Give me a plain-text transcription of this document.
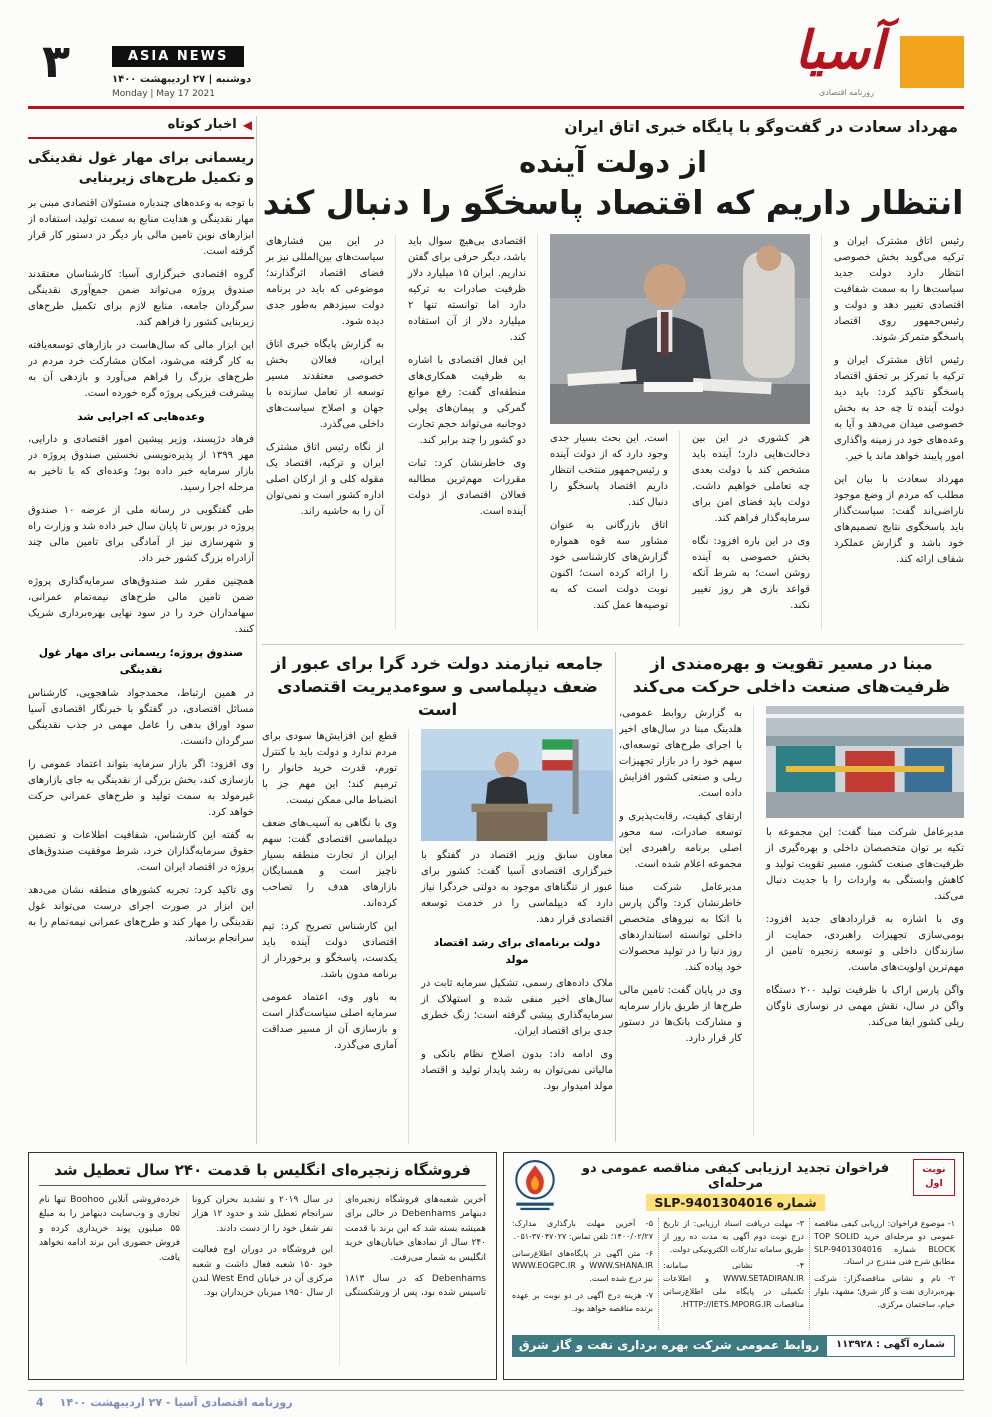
۳	ASIA NEWS
دوشنبه | ۲۷ اردیبهشت ۱۴۰۰
Monday | May 17 2021
آسیا
روزنامه اقتصادی
◀
اخبار کوتاه
ریسمانی برای مهار غول نقدینگی و تکمیل طرح‌های زیربنایی
با توجه به وعده‌های چندباره مسئولان اقتصادی مبنی بر مهار نقدینگی و هدایت منابع به سمت تولید، استفاده از ابزارهای نوین تامین مالی بار دیگر در دستور کار قرار گرفته است.
گروه اقتصادی خبرگزاری آسیا: کارشناسان معتقدند صندوق پروژه می‌تواند ضمن جمع‌آوری نقدینگی سرگردان جامعه، منابع لازم برای تکمیل طرح‌های زیربنایی کشور را فراهم کند.
این ابزار مالی که سال‌هاست در بازارهای توسعه‌یافته به کار گرفته می‌شود، امکان مشارکت خرد مردم در طرح‌های بزرگ را فراهم می‌آورد و بازدهی آن به پیشرفت فیزیکی پروژه گره خورده است.
وعده‌هایی که اجرایی شد
فرهاد دژپسند، وزیر پیشین امور اقتصادی و دارایی، مهر ۱۳۹۹ از پذیره‌نویسی نخستین صندوق پروژه در بازار سرمایه خبر داده بود؛ وعده‌ای که با تاخیر به مرحله اجرا رسید.
طی گفتگویی در رسانه ملی از عرضه ۱۰ صندوق پروژه در بورس تا پایان سال خبر داده شد و وزارت راه و شهرسازی نیز از آمادگی برای تامین مالی چند آزادراه بزرگ کشور خبر داد.
همچنین مقرر شد صندوق‌های سرمایه‌گذاری پروژه ضمن تامین مالی طرح‌های نیمه‌تمام عمرانی، سهامداران خرد را در سود نهایی بهره‌برداری شریک کنند.
صندوق پروژه؛ ریسمانی برای مهار غول نقدینگی
در همین ارتباط، محمدجواد شاهجویی، کارشناس مسائل اقتصادی، در گفتگو با خبرنگار اقتصادی آسیا سود اوراق بدهی را عامل مهمی در جذب نقدینگی سرگردان دانست.
وی افزود: اگر بازار سرمایه بتواند اعتماد عمومی را بازسازی کند، بخش بزرگی از نقدینگی به جای بازارهای غیرمولد به سمت تولید و طرح‌های عمرانی حرکت خواهد کرد.
به گفته این کارشناس، شفافیت اطلاعات و تضمین حقوق سرمایه‌گذاران خرد، شرط موفقیت صندوق‌های پروژه در اقتصاد ایران است.
وی تاکید کرد: تجربه کشورهای منطقه نشان می‌دهد این ابزار در صورت اجرای درست می‌تواند غول نقدینگی را مهار کند و طرح‌های عمرانی نیمه‌تمام را به سرانجام برساند.
مهرداد سعادت در گفت‌وگو با پایگاه خبری اتاق ایران
از دولت آینده
انتظار داریم که اقتصاد پاسخگو را دنبال کند

رئیس اتاق مشترک ایران و ترکیه می‌گوید بخش خصوصی انتظار دارد دولت جدید سیاست‌ها را به سمت شفافیت اقتصادی تغییر دهد و دولت و رئیس‌جمهور روی اقتصاد پاسخگو متمرکز شوند.

رئیس اتاق مشترک ایران و ترکیه با تمرکز بر تحقق اقتصاد پاسخگو تاکید کرد: باید دید دولت آینده تا چه حد به بخش خصوصی میدان می‌دهد و آیا به وعده‌های خود در زمینه واگذاری امور پایبند خواهد ماند یا خیر.

مهرداد سعادت با بیان این مطلب که مردم از وضع موجود ناراضی‌اند گفت: سیاست‌گذار باید پاسخگوی نتایج تصمیم‌های خود باشد و گزارش عملکرد شفاف ارائه کند.

هر کشوری در این بین دخالت‌هایی دارد؛ آینده باید مشخص کند با دولت بعدی چه تعاملی خواهیم داشت. دولت باید فضای امن برای سرمایه‌گذار فراهم کند.

وی در این باره افزود: نگاه بخش خصوصی به آینده روشن است؛ به شرط آنکه قواعد بازی هر روز تغییر نکند.

است. این بحث بسیار جدی وجود دارد که از دولت آینده و رئیس‌جمهور منتخب انتظار داریم اقتصاد پاسخگو را دنبال کند.

اتاق بازرگانی به عنوان مشاور سه قوه همواره گزارش‌های کارشناسی خود را ارائه کرده است؛ اکنون نوبت دولت است که به توصیه‌ها عمل کند.

اقتصادی بی‌هیچ سوال باید باشد، دیگر حرفی برای گفتن نداریم. ایران ۱۵ میلیارد دلار ظرفیت صادرات به ترکیه دارد اما توانسته تنها ۲ میلیارد دلار از آن استفاده کند.

این فعال اقتصادی با اشاره به ظرفیت همکاری‌های منطقه‌ای گفت: رفع موانع گمرکی و پیمان‌های پولی دوجانبه می‌تواند حجم تجارت دو کشور را چند برابر کند.

وی خاطرنشان کرد: ثبات مقررات مهم‌ترین مطالبه فعالان اقتصادی از دولت آینده است.

در این بین فشارهای سیاست‌های بین‌المللی نیز بر فضای اقتصاد اثرگذارند؛ موضوعی که باید در برنامه دولت سیزدهم به‌طور جدی دیده شود.

به گزارش پایگاه خبری اتاق ایران، فعالان بخش خصوصی معتقدند مسیر توسعه از تعامل سازنده با جهان و اصلاح سیاست‌های داخلی می‌گذرد.

از نگاه رئیس اتاق مشترک ایران و ترکیه، اقتصاد یک مقوله کلی و از ارکان اصلی اداره کشور است و نمی‌توان آن را به حاشیه راند.

مبنا در مسیر تقویت و بهره‌مندی از
ظرفیت‌های صنعت داخلی حرکت می‌کند
مدیرعامل شرکت مبنا گفت: این مجموعه با تکیه بر توان متخصصان داخلی و بهره‌گیری از ظرفیت‌های صنعت کشور، مسیر تقویت تولید و کاهش وابستگی به واردات را با جدیت دنبال می‌کند.
وی با اشاره به قراردادهای جدید افزود: بومی‌سازی تجهیزات راهبردی، حمایت از سازندگان داخلی و توسعه زنجیره تامین از مهم‌ترین اولویت‌های ماست.
واگن پارس اراک با ظرفیت تولید ۲۰۰ دستگاه واگن در سال، نقش مهمی در نوسازی ناوگان ریلی کشور ایفا می‌کند.
به گزارش روابط عمومی، هلدینگ مبنا در سال‌های اخیر با اجرای طرح‌های توسعه‌ای، سهم خود را در بازار تجهیزات ریلی و صنعتی کشور افزایش داده است.
ارتقای کیفیت، رقابت‌پذیری و توسعه صادرات، سه محور اصلی برنامه راهبردی این مجموعه اعلام شده است.
مدیرعامل شرکت مبنا خاطرنشان کرد: واگن پارس با اتکا به نیروهای متخصص داخلی توانسته استانداردهای روز دنیا را در تولید محصولات خود پیاده کند.
وی در پایان گفت: تامین مالی طرح‌ها از طریق بازار سرمایه و مشارکت بانک‌ها در دستور کار قرار دارد.
جامعه نیازمند دولت خرد گرا برای عبور از
ضعف دیپلماسی و سوءمدیریت اقتصادی است
معاون سابق وزیر اقتصاد در گفتگو با خبرگزاری اقتصادی آسیا گفت: کشور برای عبور از تنگناهای موجود به دولتی خردگرا نیاز دارد که دیپلماسی را در خدمت توسعه اقتصادی قرار دهد.
دولت برنامه‌ای برای رشد اقتصاد مولد
ملاک داده‌های رسمی، تشکیل سرمایه ثابت در سال‌های اخیر منفی شده و استهلاک از سرمایه‌گذاری پیشی گرفته است؛ زنگ خطری جدی برای اقتصاد ایران.
وی ادامه داد: بدون اصلاح نظام بانکی و مالیاتی نمی‌توان به رشد پایدار تولید و اقتصاد مولد امیدوار بود.
قطع این افزایش‌ها سودی برای مردم ندارد و دولت باید با کنترل تورم، قدرت خرید خانوار را ترمیم کند؛ این مهم جز با انضباط مالی ممکن نیست.
وی با نگاهی به آسیب‌های ضعف دیپلماسی اقتصادی گفت: سهم ایران از تجارت منطقه بسیار ناچیز است و همسایگان بازارهای هدف را تصاحب کرده‌اند.
این کارشناس تصریح کرد: تیم اقتصادی دولت آینده باید یکدست، پاسخگو و برخوردار از برنامه مدون باشد.
به باور وی، اعتماد عمومی سرمایه اصلی سیاست‌گذار است و بازسازی آن از مسیر صداقت آماری می‌گذرد.
فروشگاه زنجیره‌ای انگلیس با قدمت ۲۴۰ سال تعطیل شد

آخرین شعبه‌های فروشگاه زنجیره‌ای دبنهامز Debenhams در حالی برای همیشه بسته شد که این برند با قدمت ۲۴۰ سال از نمادهای خیابان‌های خرید انگلیس به شمار می‌رفت.

Debenhams که در سال ۱۸۱۳ تاسیس شده بود، پس از ورشکستگی در سال ۲۰۱۹ و تشدید بحران کرونا سرانجام تعطیل شد و حدود ۱۲ هزار نفر شغل خود را از دست دادند.

این فروشگاه در دوران اوج فعالیت خود ۱۵۰ شعبه فعال داشت و شعبه مرکزی آن در خیابان West End لندن از سال ۱۹۵۰ میزبان خریداران بود.

خرده‌فروشی آنلاین Boohoo تنها نام تجاری و وب‌سایت دبنهامز را به مبلغ ۵۵ میلیون پوند خریداری کرده و فروش حضوری این برند ادامه نخواهد یافت.

نوبت اول
فراخوان تجدید ارزیابی کیفی مناقصه عمومی دو مرحله‌ای
شماره SLP-9401304016
۱- موضوع فراخوان: ارزیابی کیفی مناقصه عمومی دو مرحله‌ای خرید TOP SOLID BLOCK شماره SLP-9401304016 مطابق شرح فنی مندرج در اسناد.
۲- نام و نشانی مناقصه‌گزار: شرکت بهره‌برداری نفت و گاز شرق؛ مشهد، بلوار خیام، ساختمان مرکزی.
۳- مهلت دریافت اسناد ارزیابی: از تاریخ درج نوبت دوم آگهی به مدت ده روز از طریق سامانه تدارکات الکترونیکی دولت.
۴- نشانی سامانه: WWW.SETADIRAN.IR و اطلاعات تکمیلی در پایگاه ملی اطلاع‌رسانی مناقصات HTTP://IETS.MPORG.IR.
۵- آخرین مهلت بارگذاری مدارک: ۱۴۰۰/۰۲/۲۷؛ تلفن تماس: ۳۷۰۴۷۰۲۷-۰۵۱.
۶- متن آگهی در پایگاه‌های اطلاع‌رسانی WWW.SHANA.IR و WWW.EOGPC.IR نیز درج شده است.
۷- هزینه درج آگهی در دو نوبت بر عهده برنده مناقصه خواهد بود.
شماره آگهی : ۱۱۳۹۲۸
روابط عمومی شرکت بهره برداری نفت و گاز شرق
روزنامه اقتصادی آسیا - ۲۷ اردیبهشت ۱۴۰۰
4
